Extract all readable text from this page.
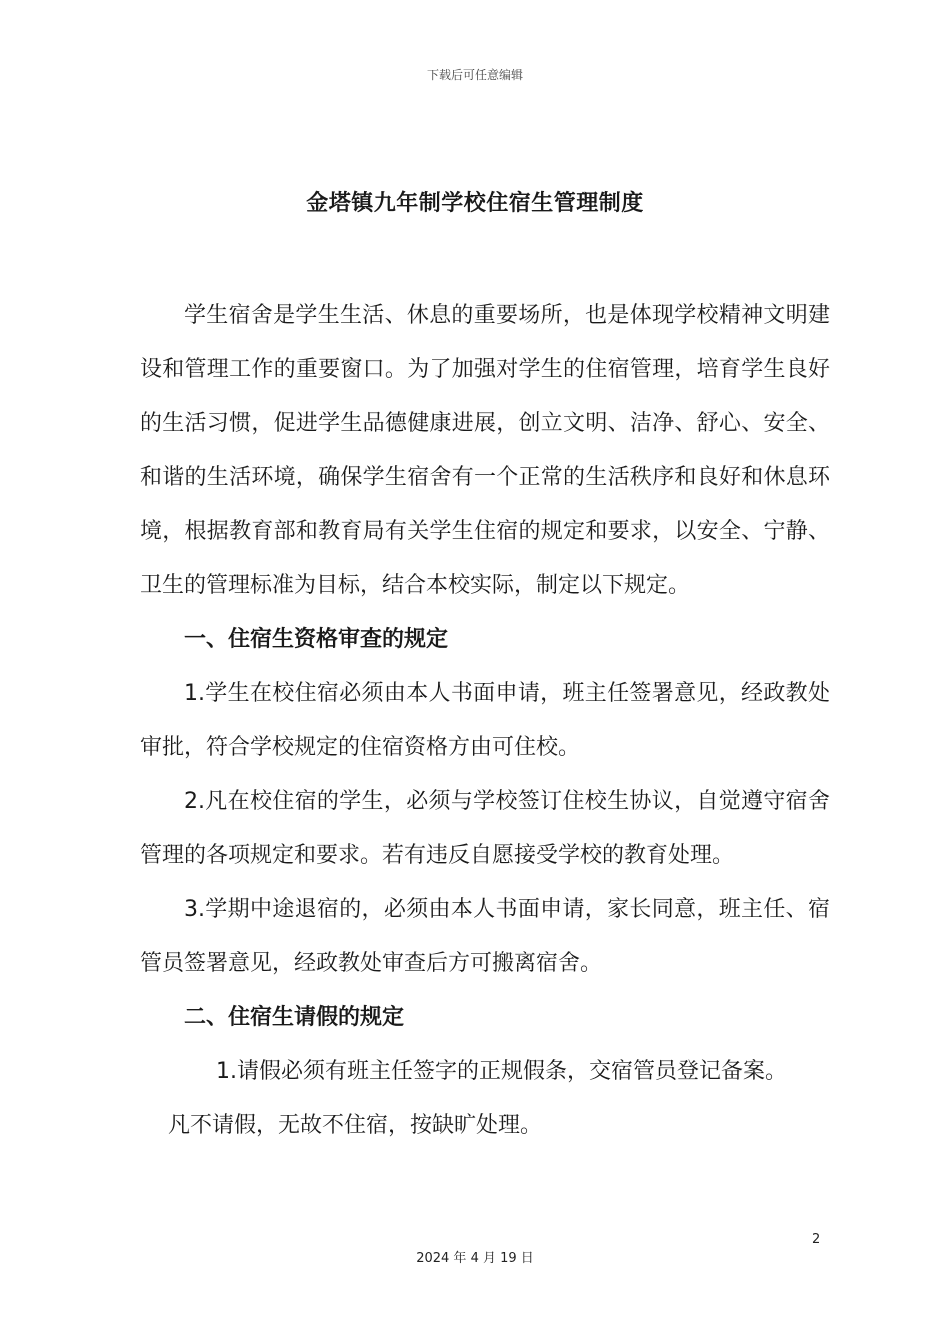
下载后可任意编辑
金塔镇九年制学校住宿生管理制度

学生宿舍是学生生活、休息的重要场所，也是体现学校精神文明建设和管理工作的重要窗口。为了加强对学生的住宿管理，培育学生良好的生活习惯，促进学生品德健康进展，创立文明、洁净、舒心、安全、和谐的生活环境，确保学生宿舍有一个正常的生活秩序和良好和休息环境，根据教育部和教育局有关学生住宿的规定和要求，以安全、宁静、卫生的管理标准为目标，结合本校实际，制定以下规定。

一、住宿生资格审查的规定

1.学生在校住宿必须由本人书面申请，班主任签署意见，经政教处审批，符合学校规定的住宿资格方由可住校。

2.凡在校住宿的学生，必须与学校签订住校生协议，自觉遵守宿舍管理的各项规定和要求。若有违反自愿接受学校的教育处理。

3.学期中途退宿的，必须由本人书面申请，家长同意，班主任、宿管员签署意见，经政教处审查后方可搬离宿舍。

二、住宿生请假的规定

1.请假必须有班主任签字的正规假条，交宿管员登记备案。

凡不请假，无故不住宿，按缺旷处理。

2
2024 年 4 月 19 日
